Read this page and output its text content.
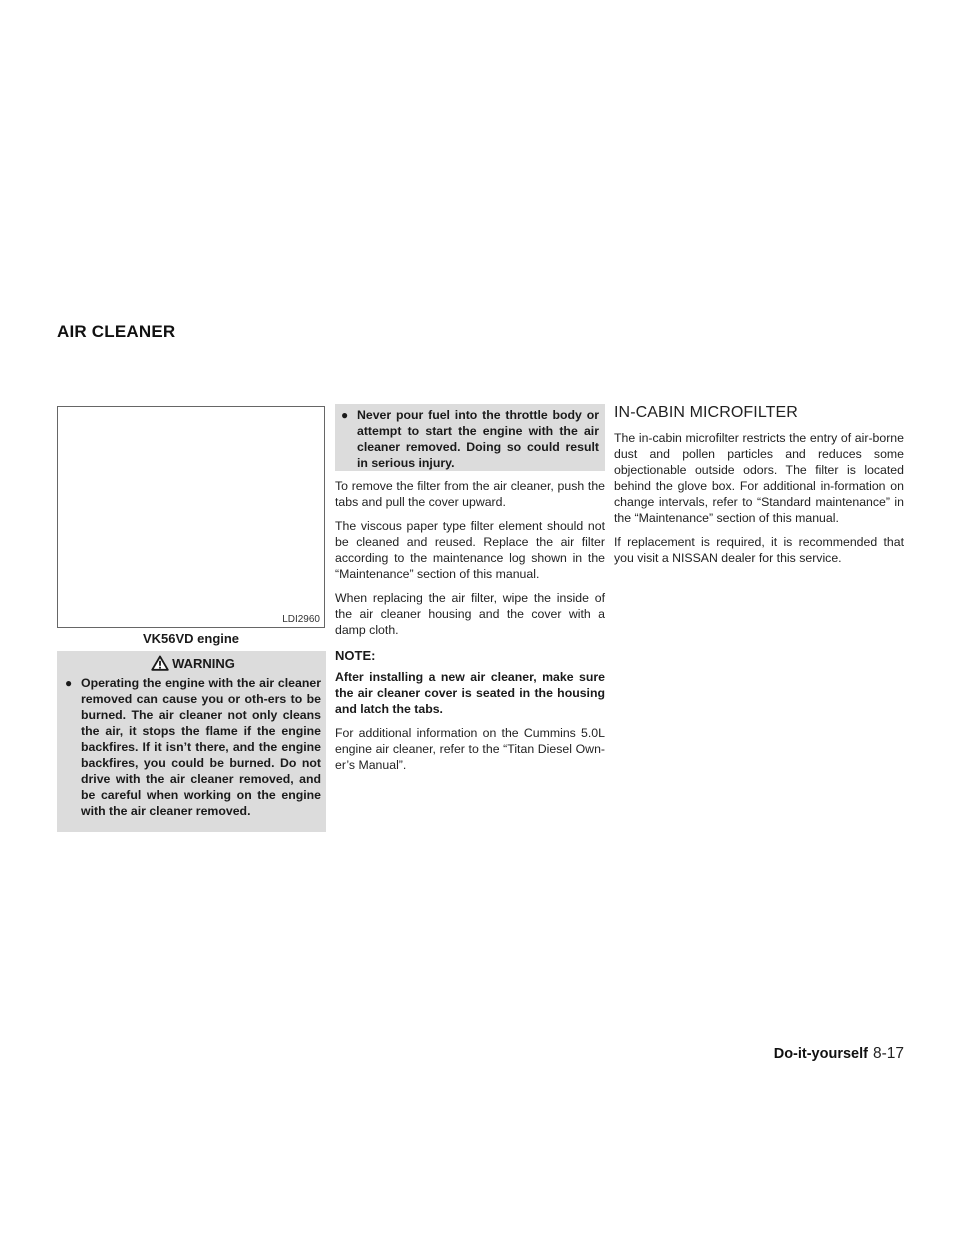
AIR CLEANER
LDI2960
VK56VD engine
WARNING
● Operating the engine with the air cleaner removed can cause you or oth-ers to be burned. The air cleaner not only cleans the air, it stops the flame if the engine backfires. If it isn’t there, and the engine backfires, you could be burned. Do not drive with the air cleaner removed, and be careful when working on the engine with the air cleaner removed.
● Never pour fuel into the throttle body or attempt to start the engine with the air cleaner removed. Doing so could result in serious injury.

To remove the filter from the air cleaner, push the tabs and pull the cover upward.

The viscous paper type filter element should not be cleaned and reused. Replace the air filter according to the maintenance log shown in the “Maintenance” section of this manual.

When replacing the air filter, wipe the inside of the air cleaner housing and the cover with a damp cloth.

NOTE:

After installing a new air cleaner, make sure the air cleaner cover is seated in the housing and latch the tabs.

For additional information on the Cummins 5.0L engine air cleaner, refer to the “Titan Diesel Own-er’s Manual”.

IN-CABIN MICROFILTER

The in-cabin microfilter restricts the entry of air-borne dust and pollen particles and reduces some objectionable outside odors. The filter is located behind the glove box. For additional in-formation on change intervals, refer to “Standard maintenance” in the “Maintenance” section of this manual.

If replacement is required, it is recommended that you visit a NISSAN dealer for this service.

Do-it-yourself 8-17
